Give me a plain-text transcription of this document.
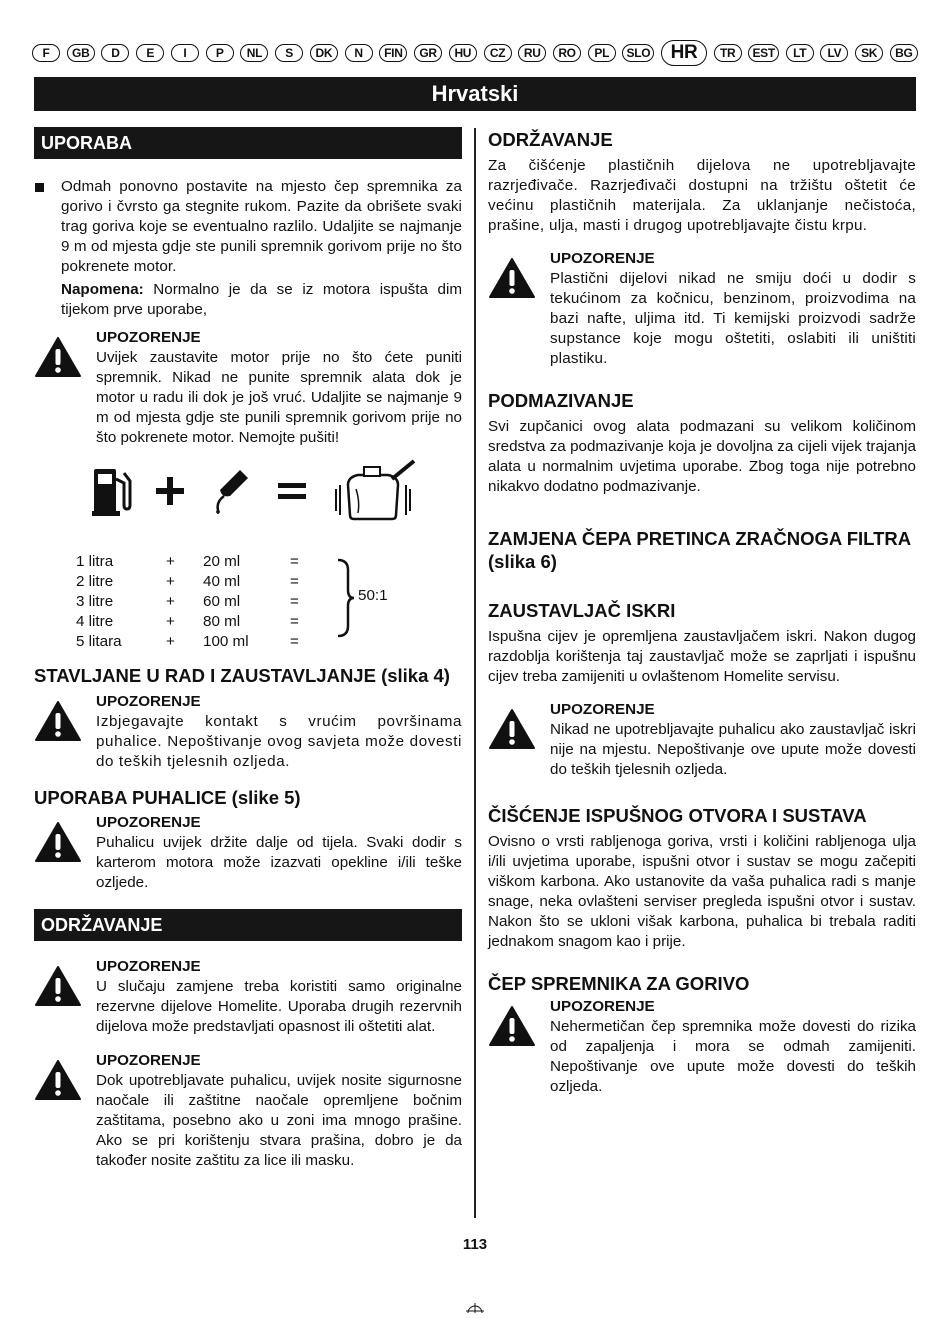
F	GB	D	E	I	P	NL	S	DK	N	FIN	GR	HU	CZ	RU	RO	PL	SLO	HR	TR	EST	LT	LV	SK	BG
Hrvatski
UPORABA

Odmah ponovno postavite na mjesto čep spremnika za gorivo i čvrsto ga stegnite rukom. Pazite da obrišete svaki trag goriva koje se eventualno razlilo. Udaljite se najmanje 9 m od mjesta gdje ste punili spremnik gorivom prije no što pokrenete motor.

Napomena: Normalno je da se iz motora ispušta dim tijekom prve uporabe,

UPOZORENJE

Uvijek zaustavite motor prije no što ćete puniti spremnik. Nikad ne punite spremnik alata dok je motor u radu ili dok je još vruć. Udaljite se najmanje 9 m od mjesta gdje ste punili spremnik gorivom prije no što pokrenete motor. Nemojte pušiti!

50:1
1 litra	+ 20 ml	=
2 litre	+ 40 ml	=
3 litre	+ 60 ml	=
4 litre	+ 80 ml	=
5 litara	+ 100 ml	=
STAVLJANE U RAD I ZAUSTAVLJANJE (slika 4)
UPOZORENJE

Izbjegavajte kontakt s vrućim površinama puhalice. Nepoštivanje ovog savjeta može dovesti do teških tjelesnih ozljeda.

UPORABA PUHALICE (slike 5)
UPOZORENJE

Puhalicu uvijek držite dalje od tijela. Svaki dodir s karterom motora može izazvati opekline i/ili teške ozljede.

ODRŽAVANJE
UPOZORENJE

U slučaju zamjene treba koristiti samo originalne rezervne dijelove Homelite. Uporaba drugih rezervnih dijelova može predstavljati opasnost ili oštetiti alat.

UPOZORENJE

Dok upotrebljavate puhalicu, uvijek nosite sigurnosne naočale ili zaštitne naočale opremljene bočnim zaštitama, posebno ako u zoni ima mnogo prašine. Ako se pri korištenju stvara prašina, dobro je da također nosite zaštitu za lice ili masku.

ODRŽAVANJE

Za čišćenje plastičnih dijelova ne upotrebljavajte razrjeđivače. Razrjeđivači dostupni na tržištu oštetit će većinu plastičnih materijala. Za uklanjanje nečistoća, prašine, ulja, masti i drugog upotrebljavajte čistu krpu.

UPOZORENJE

Plastični dijelovi nikad ne smiju doći u dodir s tekućinom za kočnicu, benzinom, proizvodima na bazi nafte, uljima itd. Ti kemijski proizvodi sadrže supstance koje mogu oštetiti, oslabiti ili uništiti plastiku.

PODMAZIVANJE

Svi zupčanici ovog alata podmazani su velikom količinom sredstva za podmazivanje koja je dovoljna za cijeli vijek trajanja alata u normalnim uvjetima uporabe. Zbog toga nije potrebno nikakvo dodatno podmazivanje.

ZAMJENA ČEPA PRETINCA ZRAČNOGA FILTRA (slika 6)
ZAUSTAVLJAČ ISKRI

Ispušna cijev je opremljena zaustavljačem iskri. Nakon dugog razdoblja korištenja taj zaustavljač može se zaprljati i ispušnu cijev treba zamijeniti u ovlaštenom Homelite servisu.

UPOZORENJE

Nikad ne upotrebljavajte puhalicu ako zaustavljač iskri nije na mjestu. Nepoštivanje ove upute može dovesti do teških tjelesnih ozljeda.

ČIŠĆENJE ISPUŠNOG OTVORA I SUSTAVA

Ovisno o vrsti rabljenoga goriva, vrsti i količini rabljenoga ulja i/ili uvjetima uporabe, ispušni otvor i sustav se mogu začepiti viškom karbona. Ako ustanovite da vaša puhalica radi s manje snage, neka ovlašteni serviser pregleda ispušni otvor i sustav. Nakon što se ukloni višak karbona, puhalica bi trebala raditi jednakom snagom kao i prije.

ČEP SPREMNIKA ZA GORIVO
UPOZORENJE

Nehermetičan čep spremnika može dovesti do rizika od zapaljenja i mora se odmah zamijeniti. Nepoštivanje ove upute može dovesti do teških ozljeda.

113
